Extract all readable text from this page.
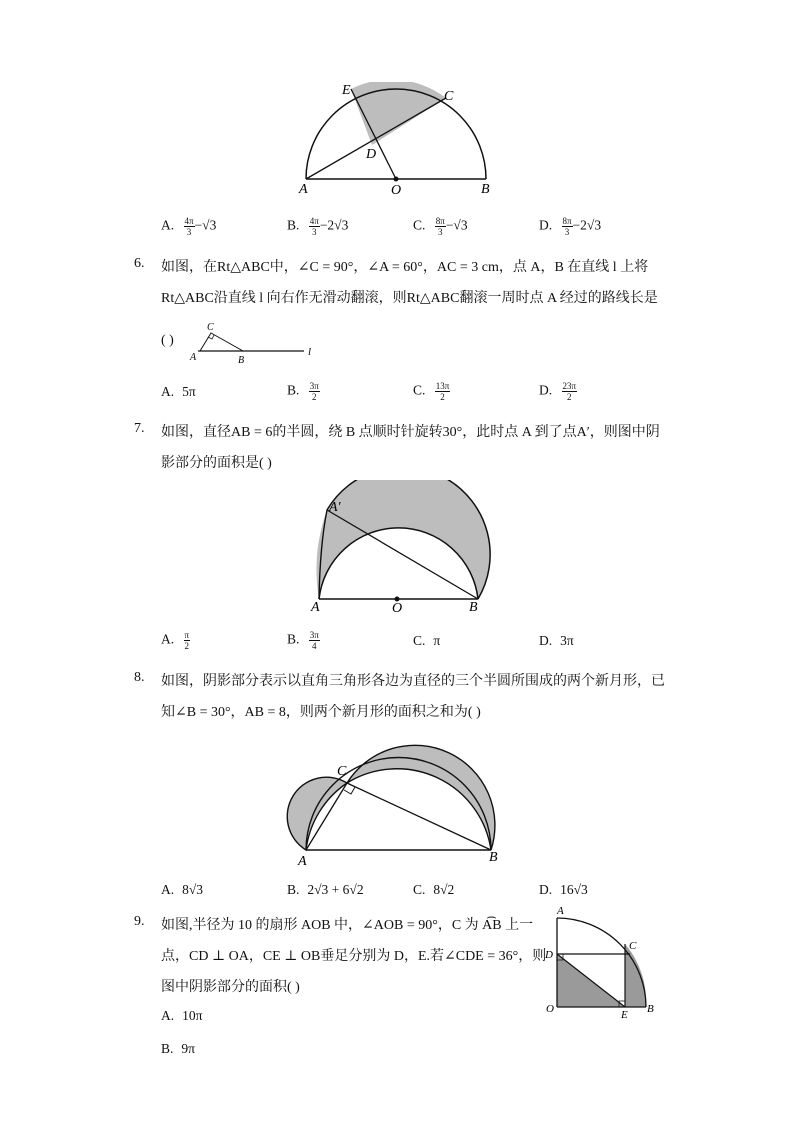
E	C
D
A	O	B
A. $\frac{4\pi}{3} -√3$	B. $\frac{4\pi}{3} -2√3$	C. $\frac{8\pi}{3} -√3$	D. $\frac{8\pi}{3} -2√3$
6. 如图，在Rt△ABC中，∠C = 90°，∠A = 60°，AC = 3 cm，点 A，B 在直线 l 上将
Rt△ABC沿直线 l 向右作无滑动翻滚，则Rt△ABC翻滚一周时点 A 经过的路线长是
( )
C
A	B
l
A. 5π	B. $\frac{3\pi}{2}$	C. $\frac{13\pi}{2}$	D. $\frac{23\pi}{2}$
7. 如图，直径AB = 6的半圆，绕 B 点顺时针旋转30°，此时点 A 到了点A′，则图中阴
影部分的面积是( )
A′
A	O	B
A. $\frac{\pi}{2}$	B. $\frac{3\pi}{4}$	C. π	D. 3π
8. 如图，阴影部分表示以直角三角形各边为直径的三个半圆所围成的两个新月形，已
知∠B = 30°，AB = 8，则两个新月形的面积之和为( )
C
A	B
A. 8√3	B. 2√3 + 6√2	C. 8√2	D. 16√3
9. 如图,半径为 10 的扇形 AOB 中，∠AOB = 90°，C 为 A͡B 上一
点，CD ⊥ OA，CE ⊥ OB垂足分别为 D，E.若∠CDE = 36°，则
图中阴影部分的面积( )
A
C
D
O	E B
A. 10π
B. 9π
